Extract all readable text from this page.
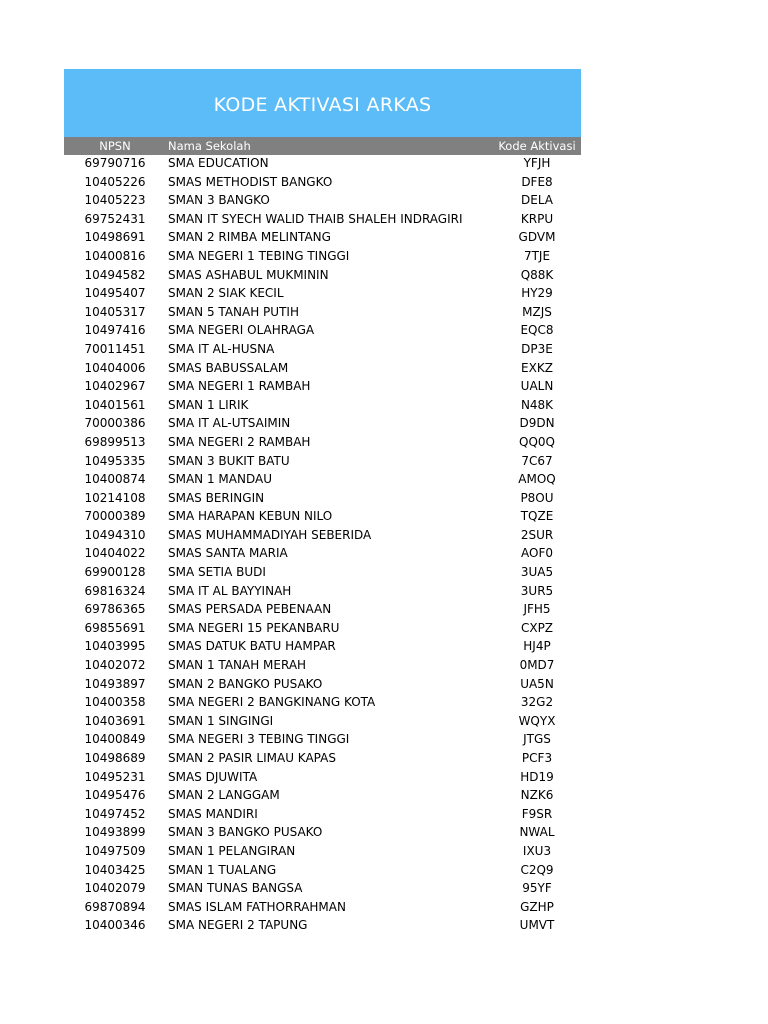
KODE AKTIVASI ARKAS
NPSN	Nama Sekolah	Kode Aktivasi
69790716	SMA EDUCATION	YFJH
10405226	SMAS METHODIST BANGKO	DFE8
10405223	SMAN 3 BANGKO	DELA
69752431	SMAN IT SYECH WALID THAIB SHALEH INDRAGIRI	KRPU
10498691	SMAN 2 RIMBA MELINTANG	GDVM
10400816	SMA NEGERI 1 TEBING TINGGI	7TJE
10494582	SMAS ASHABUL MUKMININ	Q88K
10495407	SMAN 2 SIAK KECIL	HY29
10405317	SMAN 5 TANAH PUTIH	MZJS
10497416	SMA NEGERI OLAHRAGA	EQC8
70011451	SMA IT AL-HUSNA	DP3E
10404006	SMAS BABUSSALAM	EXKZ
10402967	SMA NEGERI 1 RAMBAH	UALN
10401561	SMAN 1 LIRIK	N48K
70000386	SMA IT AL-UTSAIMIN	D9DN
69899513	SMA NEGERI 2 RAMBAH	QQ0Q
10495335	SMAN 3 BUKIT BATU	7C67
10400874	SMAN 1 MANDAU	AMOQ
10214108	SMAS BERINGIN	P8OU
70000389	SMA HARAPAN KEBUN NILO	TQZE
10494310	SMAS MUHAMMADIYAH SEBERIDA	2SUR
10404022	SMAS SANTA MARIA	AOF0
69900128	SMA SETIA BUDI	3UA5
69816324	SMA IT AL BAYYINAH	3UR5
69786365	SMAS PERSADA PEBENAAN	JFH5
69855691	SMA NEGERI 15 PEKANBARU	CXPZ
10403995	SMAS DATUK BATU HAMPAR	HJ4P
10402072	SMAN 1 TANAH MERAH	0MD7
10493897	SMAN 2 BANGKO PUSAKO	UA5N
10400358	SMA NEGERI 2 BANGKINANG KOTA	32G2
10403691	SMAN 1 SINGINGI	WQYX
10400849	SMA NEGERI 3 TEBING TINGGI	JTGS
10498689	SMAN 2 PASIR LIMAU KAPAS	PCF3
10495231	SMAS DJUWITA	HD19
10495476	SMAN 2 LANGGAM	NZK6
10497452	SMAS MANDIRI	F9SR
10493899	SMAN 3 BANGKO PUSAKO	NWAL
10497509	SMAN 1 PELANGIRAN	IXU3
10403425	SMAN 1 TUALANG	C2Q9
10402079	SMAN TUNAS BANGSA	95YF
69870894	SMAS ISLAM FATHORRAHMAN	GZHP
10400346	SMA NEGERI 2 TAPUNG	UMVT
